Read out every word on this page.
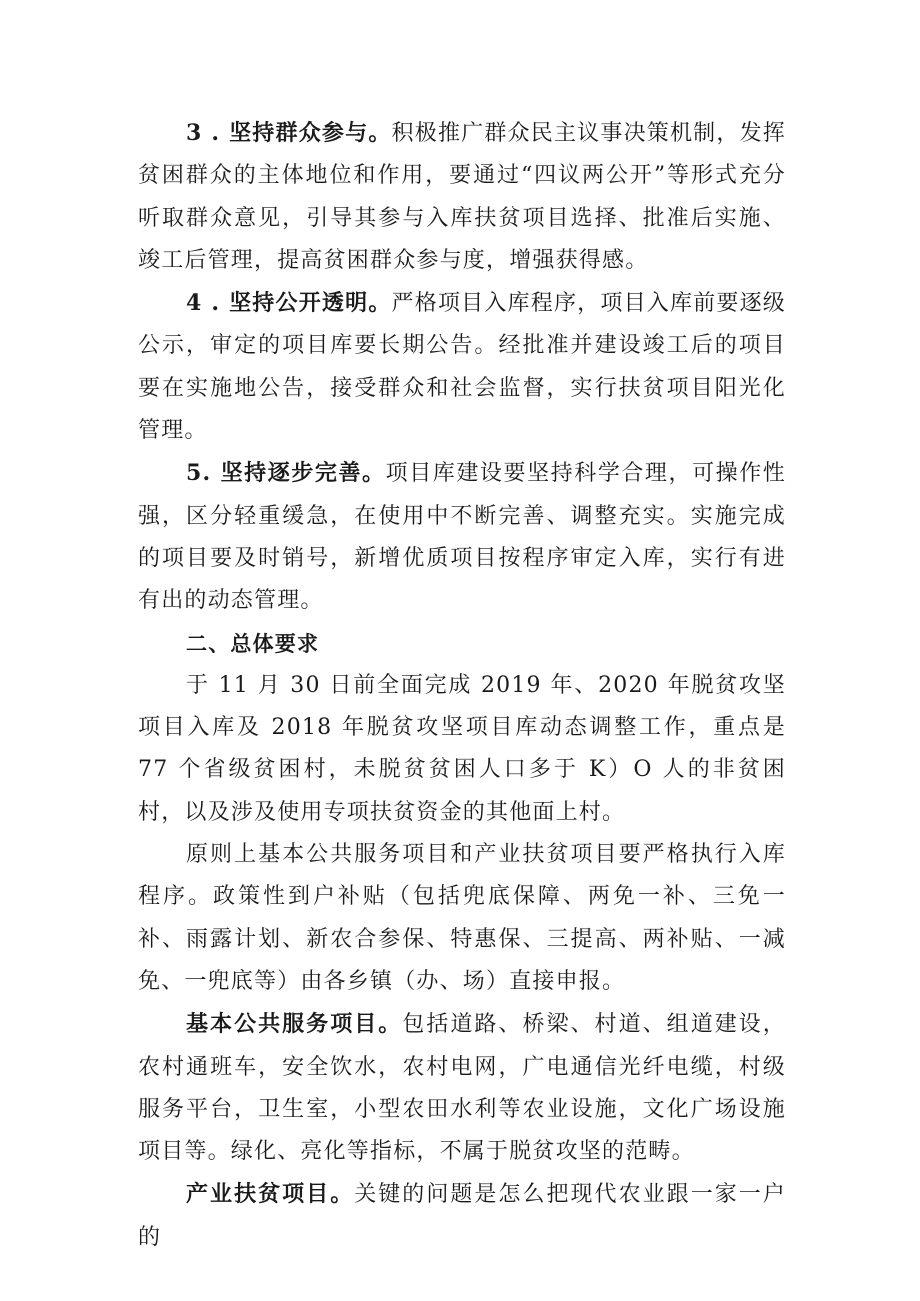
3 . 坚持群众参与。积极推广群众民主议事决策机制，发挥贫困群众的主体地位和作用，要通过“四议两公开”等形式充分听取群众意见，引导其参与入库扶贫项目选择、批准后实施、竣工后管理，提高贫困群众参与度，增强获得感。

4 . 坚持公开透明。严格项目入库程序，项目入库前要逐级公示，审定的项目库要长期公告。经批准并建设竣工后的项目要在实施地公告，接受群众和社会监督，实行扶贫项目阳光化管理。

5. 坚持逐步完善。项目库建设要坚持科学合理，可操作性强，区分轻重缓急，在使用中不断完善、调整充实。实施完成的项目要及时销号，新增优质项目按程序审定入库，实行有进有出的动态管理。

二、总体要求

于 11 月 30 日前全面完成 2019 年、2020 年脱贫攻坚项目入库及 2018 年脱贫攻坚项目库动态调整工作，重点是 77 个省级贫困村，未脱贫贫困人口多于 K）O 人的非贫困村，以及涉及使用专项扶贫资金的其他面上村。

原则上基本公共服务项目和产业扶贫项目要严格执行入库程序。政策性到户补贴（包括兜底保障、两免一补、三免一补、雨露计划、新农合参保、特惠保、三提高、两补贴、一减免、一兜底等）由各乡镇（办、场）直接申报。

基本公共服务项目。包括道路、桥梁、村道、组道建设，农村通班车，安全饮水，农村电网，广电通信光纤电缆，村级服务平台，卫生室，小型农田水利等农业设施，文化广场设施项目等。绿化、亮化等指标，不属于脱贫攻坚的范畴。

产业扶贫项目。关键的问题是怎么把现代农业跟一家一户的
